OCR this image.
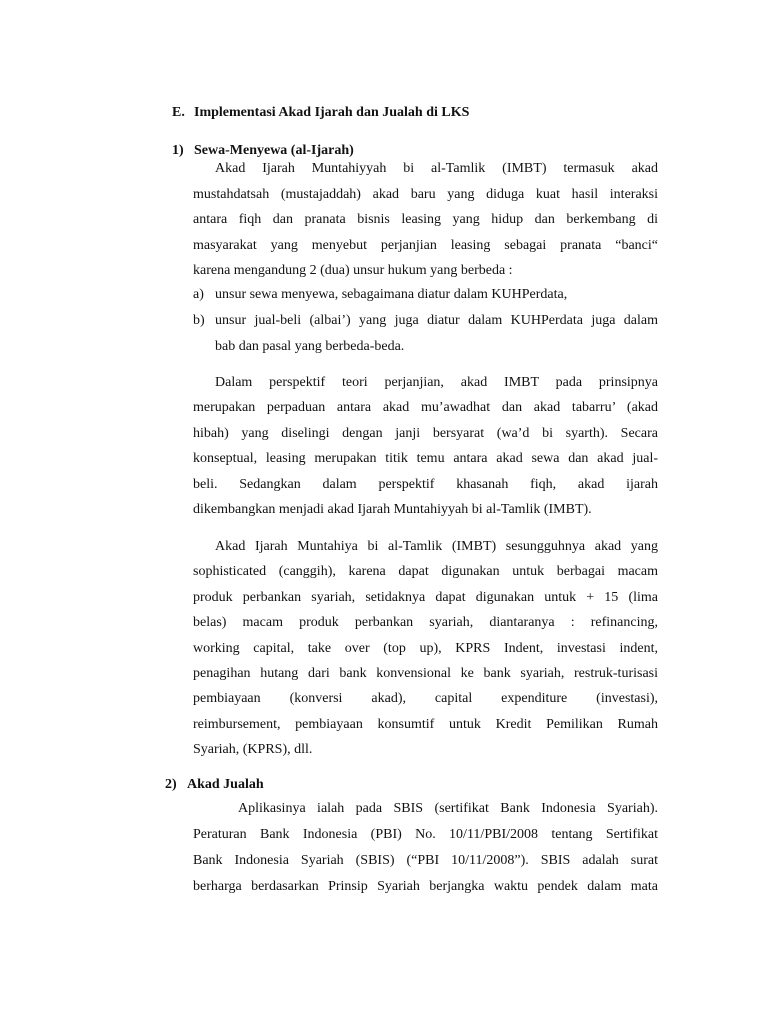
E. Implementasi Akad Ijarah dan Jualah di LKS
1) Sewa-Menyewa (al-Ijarah)
Akad Ijarah Muntahiyyah bi al-Tamlik (IMBT) termasuk akad
mustahdatsah (mustajaddah) akad baru yang diduga kuat hasil interaksi
antara fiqh dan pranata bisnis leasing yang hidup dan berkembang di
masyarakat yang menyebut perjanjian leasing sebagai pranata “banci“
karena mengandung 2 (dua) unsur hukum yang berbeda :
a) unsur sewa menyewa, sebagaimana diatur dalam KUHPerdata,
b) unsur jual-beli (albai’) yang juga diatur dalam KUHPerdata juga dalam
bab dan pasal yang berbeda-beda.
Dalam perspektif teori perjanjian, akad IMBT pada prinsipnya
merupakan perpaduan antara akad mu’awadhat dan akad tabarru’ (akad
hibah) yang diselingi dengan janji bersyarat (wa’d bi syarth). Secara
konseptual, leasing merupakan titik temu antara akad sewa dan akad jual-
beli. Sedangkan dalam perspektif khasanah fiqh, akad ijarah
dikembangkan menjadi akad Ijarah Muntahiyyah bi al-Tamlik (IMBT).
Akad Ijarah Muntahiya bi al-Tamlik (IMBT) sesungguhnya akad yang
sophisticated (canggih), karena dapat digunakan untuk berbagai macam
produk perbankan syariah, setidaknya dapat digunakan untuk + 15 (lima
belas) macam produk perbankan syariah, diantaranya : refinancing,
working capital, take over (top up), KPRS Indent, investasi indent,
penagihan hutang dari bank konvensional ke bank syariah, restruk-turisasi
pembiayaan (konversi akad), capital expenditure (investasi),
reimbursement, pembiayaan konsumtif untuk Kredit Pemilikan Rumah
Syariah, (KPRS), dll.
2) Akad Jualah
Aplikasinya ialah pada SBIS (sertifikat Bank Indonesia Syariah).
Peraturan Bank Indonesia (PBI) No. 10/11/PBI/2008 tentang Sertifikat
Bank Indonesia Syariah (SBIS) (“PBI 10/11/2008”). SBIS adalah surat
berharga berdasarkan Prinsip Syariah berjangka waktu pendek dalam mata
